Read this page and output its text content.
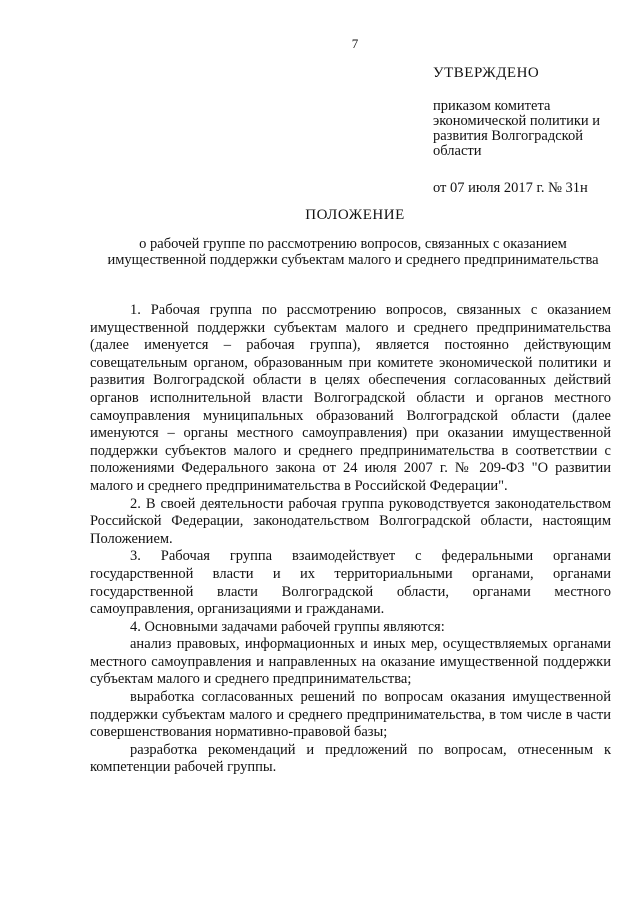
7
УТВЕРЖДЕНО
приказом комитета
экономической политики и
развития Волгоградской
области
от 07 июля 2017 г. № 31н
ПОЛОЖЕНИЕ
о рабочей группе по рассмотрению вопросов, связанных с оказанием
имущественной поддержки субъектам малого и среднего предпринимательства

1. Рабочая группа по рассмотрению вопросов, связанных с оказанием имущественной поддержки субъектам малого и среднего предпринимательства (далее именуется – рабочая группа), является постоянно действующим совещательным органом, образованным при комитете экономической политики и развития Волгоградской области в целях обеспечения согласованных действий органов исполнительной власти Волгоградской области и органов местного самоуправления муниципальных образований Волгоградской области (далее именуются – органы местного самоуправления) при оказании имущественной поддержки субъектов малого и среднего предпринимательства в соответствии с положениями Федерального закона от 24 июля 2007 г. № 209-ФЗ "О развитии малого и среднего предпринимательства в Российской Федерации".

2. В своей деятельности рабочая группа руководствуется законодательством Российской Федерации, законодательством Волгоградской области, настоящим Положением.

3. Рабочая группа взаимодействует с федеральными органами государственной власти и их территориальными органами, органами государственной власти Волгоградской области, органами местного самоуправления, организациями и гражданами.

4. Основными задачами рабочей группы являются:

анализ правовых, информационных и иных мер, осуществляемых органами местного самоуправления и направленных на оказание имущественной поддержки субъектам малого и среднего предпринимательства;

выработка согласованных решений по вопросам оказания имущественной поддержки субъектам малого и среднего предпринимательства, в том числе в части совершенствования нормативно-правовой базы;

разработка рекомендаций и предложений по вопросам, отнесенным к компетенции рабочей группы.
